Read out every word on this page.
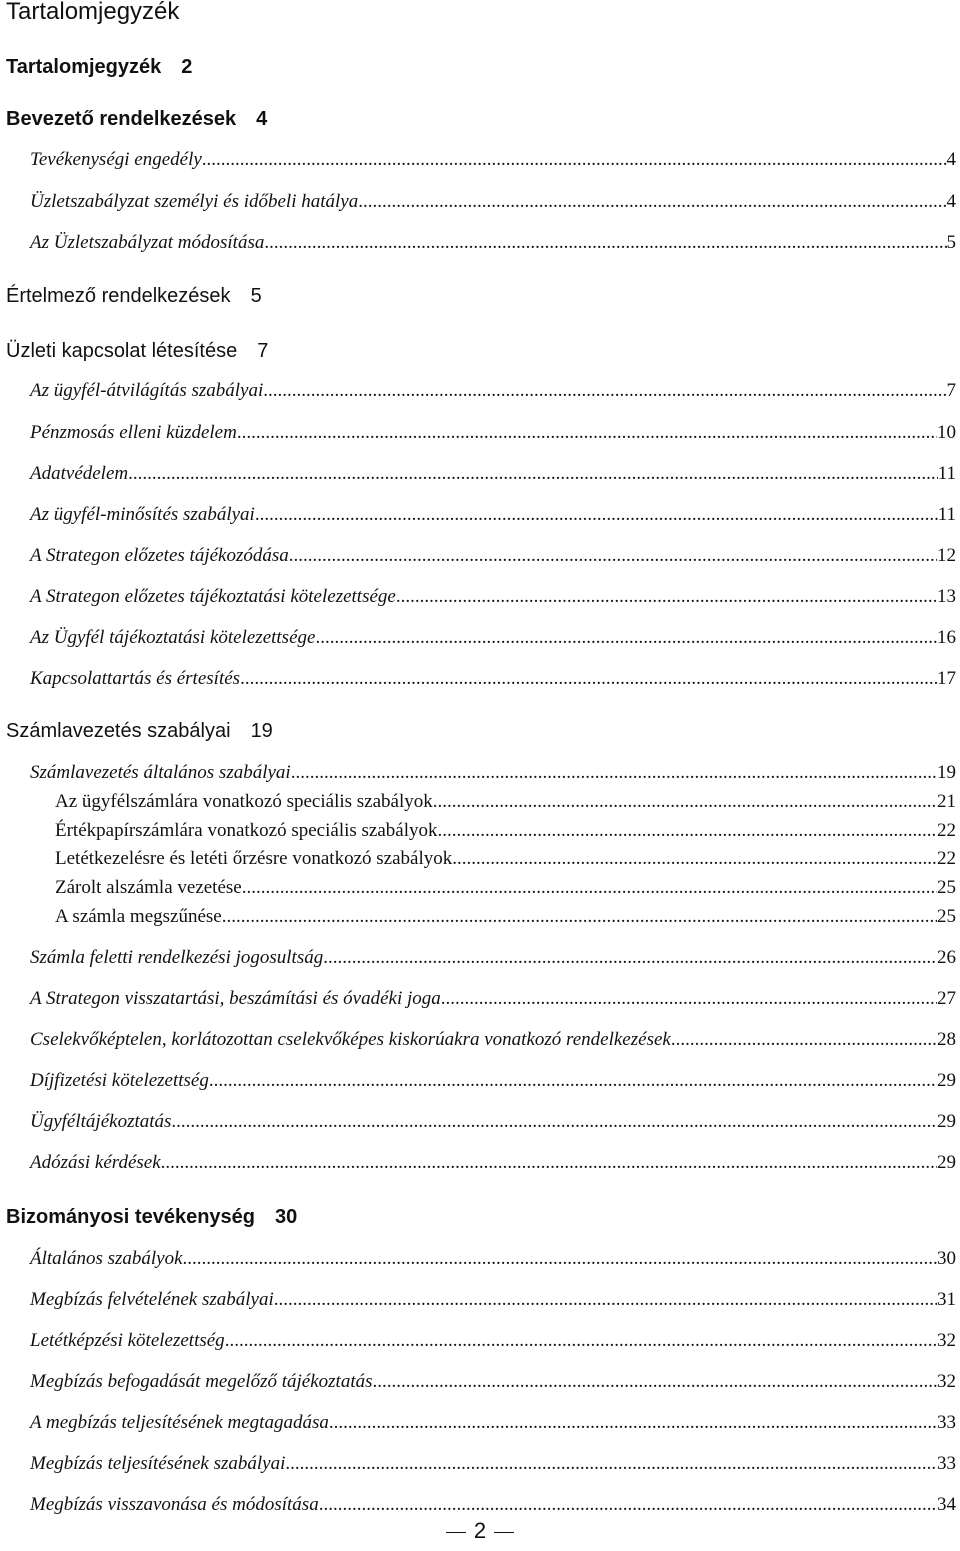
Tartalomjegyzék
Tartalomjegyzék 2
Bevezető rendelkezések 4
Tevékenységi engedély .....	4
Üzletszabályzat személyi és időbeli hatálya .....	4
Az Üzletszabályzat módosítása .....	5
Értelmező rendelkezések 5
Üzleti kapcsolat létesítése 7
Az ügyfél-átvilágítás szabályai .....	7
Pénzmosás elleni küzdelem .....	10
Adatvédelem .....	11
Az ügyfél-minősítés szabályai .....	11
A Strategon előzetes tájékozódása .....	12
A Strategon előzetes tájékoztatási kötelezettsége .....	13
Az Ügyfél tájékoztatási kötelezettsége .....	16
Kapcsolattartás és értesítés .....	17
Számlavezetés szabályai 19
Számlavezetés általános szabályai .....	19
Az ügyfélszámlára vonatkozó speciális szabályok .....	21
Értékpapírszámlára vonatkozó speciális szabályok .....	22
Letétkezelésre és letéti őrzésre vonatkozó szabályok .....	22
Zárolt alszámla vezetése .....	25
A számla megszűnése .....	25
Számla feletti rendelkezési jogosultság .....	26
A Strategon visszatartási, beszámítási és óvadéki joga .....	27
Cselekvőképtelen, korlátozottan cselekvőképes kiskorúakra vonatkozó rendelkezések .....	28
Díjfizetési kötelezettség .....	29
Ügyféltájékoztatás .....	29
Adózási kérdések .....	29
Bizományosi tevékenység 30
Általános szabályok .....	30
Megbízás felvételének szabályai .....	31
Letétképzési kötelezettség .....	32
Megbízás befogadását megelőző tájékoztatás .....	32
A megbízás teljesítésének megtagadása .....	33
Megbízás teljesítésének szabályai .....	33
Megbízás visszavonása és módosítása .....	34
2
